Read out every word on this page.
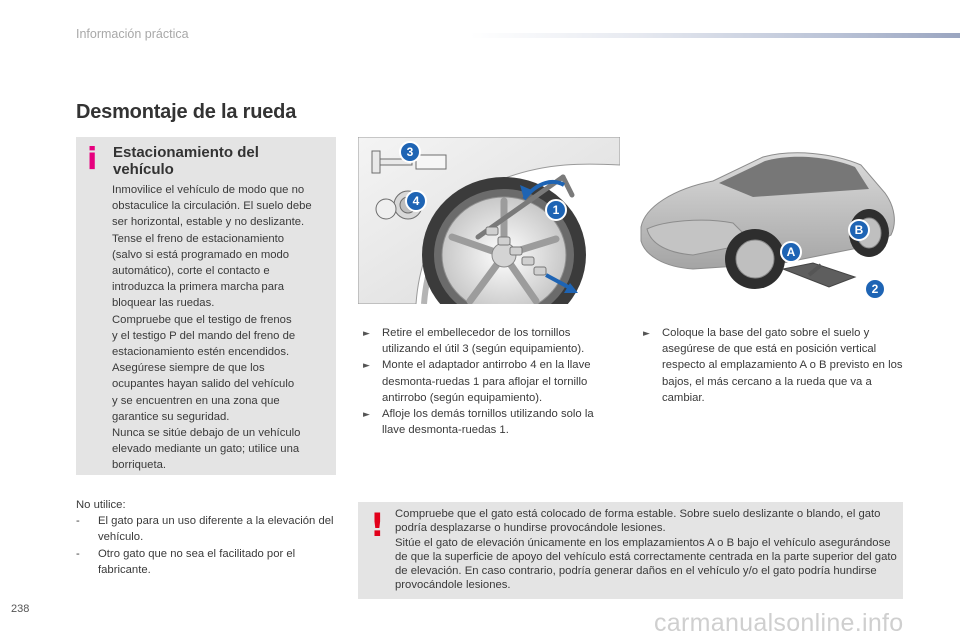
Información práctica
Desmontaje de la rueda
i Estacionamiento del vehículo
Inmovilice el vehículo de modo que no
obstaculice la circulación. El suelo debe
ser horizontal, estable y no deslizante.
Tense el freno de estacionamiento
(salvo si está programado en modo
automático), corte el contacto e
introduzca la primera marcha para
bloquear las ruedas.
Compruebe que el testigo de frenos
y el testigo P del mando del freno de
estacionamiento estén encendidos.
Asegúrese siempre de que los
ocupantes hayan salido del vehículo
y se encuentren en una zona que
garantice su seguridad.
Nunca se sitúe debajo de un vehículo
elevado mediante un gato; utilice una
borriqueta.
3
4
1
A
B
2
► Retire el embellecedor de los tornillos utilizando el útil 3 (según equipamiento).
► Monte el adaptador antirrobo 4 en la llave desmonta-ruedas 1 para aflojar el tornillo antirrobo (según equipamiento).
► Afloje los demás tornillos utilizando solo la llave desmonta-ruedas 1.
► Coloque la base del gato sobre el suelo y asegúrese de que está en posición vertical respecto al emplazamiento A o B previsto en los bajos, el más cercano a la rueda que va a cambiar.
! Compruebe que el gato está colocado de forma estable. Sobre suelo deslizante o blando, el gato podría desplazarse o hundirse provocándole lesiones.
Sitúe el gato de elevación únicamente en los emplazamientos A o B bajo el vehículo asegurándose de que la superficie de apoyo del vehículo está correctamente centrada en la parte superior del gato de elevación. En caso contrario, podría generar daños en el vehículo y/o el gato podría hundirse provocándole lesiones.
No utilice:
- El gato para un uso diferente a la elevación del vehículo.
- Otro gato que no sea el facilitado por el fabricante.
238	carmanualsonline.info
